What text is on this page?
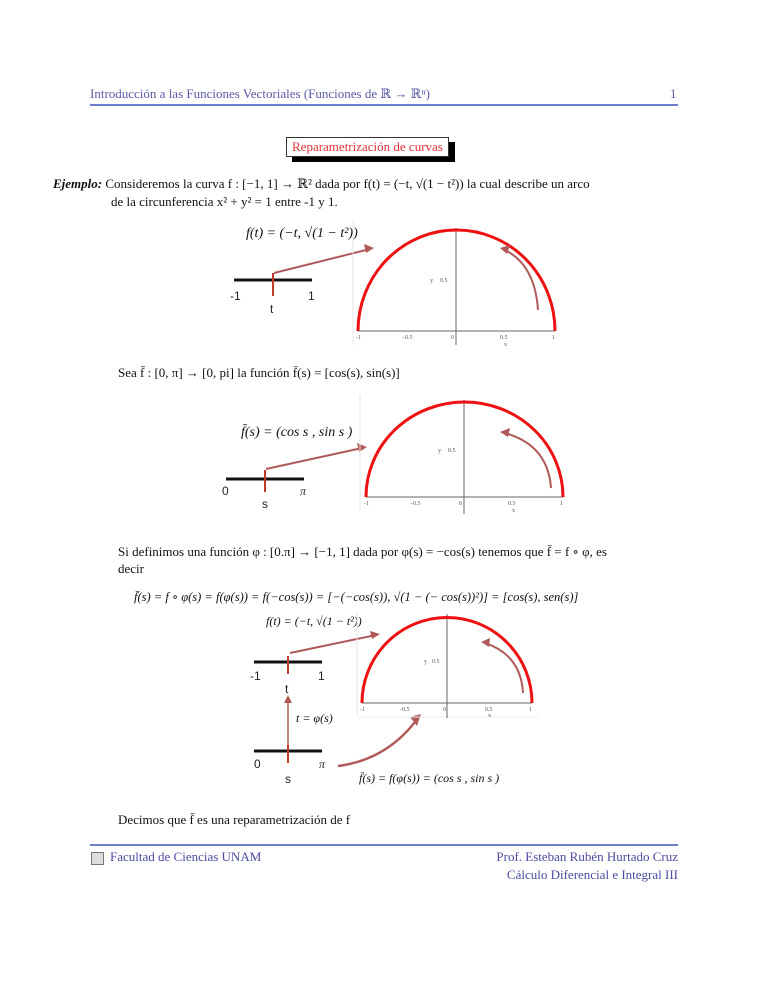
Introducción a las Funciones Vectoriales (Funciones de ℝ → ℝⁿ)	1
Reparametrización de curvas
Ejemplo: Consideremos la curva f : [−1, 1] → ℝ² dada por f(t) = (−t, √(1 − t²)) la cual describe un arco
de la circunferencia x² + y² = 1 entre -1 y 1.
f(t) = (−t, √(1 − t²))
-1	-0.5	0	0.5	1
x
y 0.5
-1	1
t
Sea f̄ : [0, π] → [0, pi] la función f̄(s) = [cos(s), sin(s)]
f̄(s) = (cos s , sin s )
-1	-0.5	0	0.5	1
x
y 0.5
0	π
s
Si definimos una función φ : [0.π] → [−1, 1] dada por φ(s) = −cos(s) tenemos que f̄ = f ∘ φ, es
decir
f̄(s) = f ∘ φ(s) = f(φ(s)) = f(−cos(s)) = [−(−cos(s)), √(1 − (− cos(s))²)] = [cos(s), sen(s)]
f(t) = (−t, √(1 − t²))
-1	-0.5	0	0.5	1
x
y 0.5
-1	1
t
t = φ(s)
0	π
s	f̄(s) = f(φ(s)) = (cos s , sin s )
Decimos que f̄ es una reparametrización de f
Facultad de Ciencias UNAM	Prof. Esteban Rubén Hurtado Cruz
Cálculo Diferencial e Integral III
